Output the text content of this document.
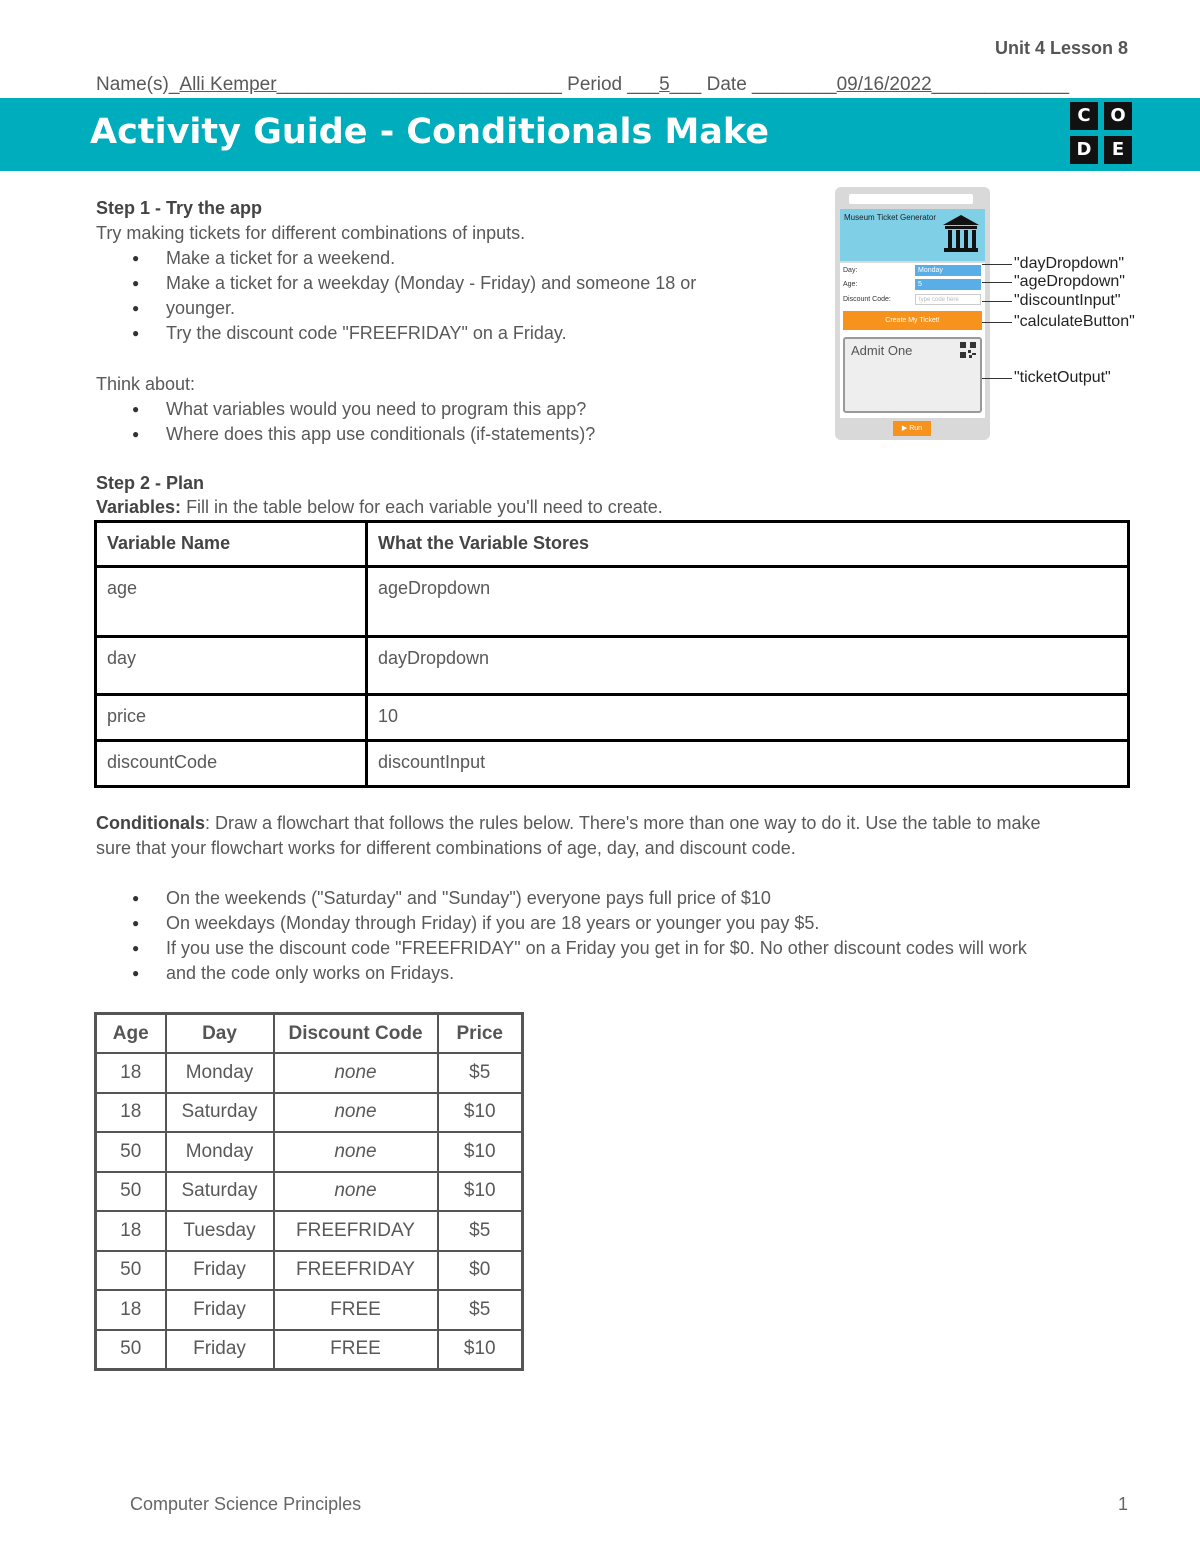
Unit 4 Lesson 8
Name(s)_Alli Kemper___________________________ Period ___5___ Date ________09/16/2022_____________
Activity Guide - Conditionals Make	C	O
D	E
Step 1 - Try the app
Try making tickets for different combinations of inputs.
● Make a ticket for a weekend.
● Make a ticket for a weekday (Monday - Friday) and someone 18 or
● younger.
● Try the discount code "FREEFRIDAY" on a Friday.
Think about:
● What variables would you need to program this app?
● Where does this app use conditionals (if-statements)?
Museum Ticket Generator
Day:	Monday
Age:	5
Discount Code:	type code here
Create My Ticket!
Admit One
▶ Run
"dayDropdown"
"ageDropdown"
"discountInput"
"calculateButton"
"ticketOutput"
Step 2 - Plan
Variables: Fill in the table below for each variable you'll need to create.
Variable Name	What the Variable Stores
age	ageDropdown
day	dayDropdown
price	10
discountCode	discountInput
Conditionals: Draw a flowchart that follows the rules below. There's more than one way to do it. Use the table to make
sure that your flowchart works for different combinations of age, day, and discount code.
● On the weekends ("Saturday" and "Sunday") everyone pays full price of $10
● On weekdays (Monday through Friday) if you are 18 years or younger you pay $5.
● If you use the discount code "FREEFRIDAY" on a Friday you get in for $0. No other discount codes will work
● and the code only works on Fridays.
Age	Day	Discount Code	Price
18	Monday	none	$5
18	Saturday	none	$10
50	Monday	none	$10
50	Saturday	none	$10
18	Tuesday	FREEFRIDAY	$5
50	Friday	FREEFRIDAY	$0
18	Friday	FREE	$5
50	Friday	FREE	$10
Computer Science Principles	1
